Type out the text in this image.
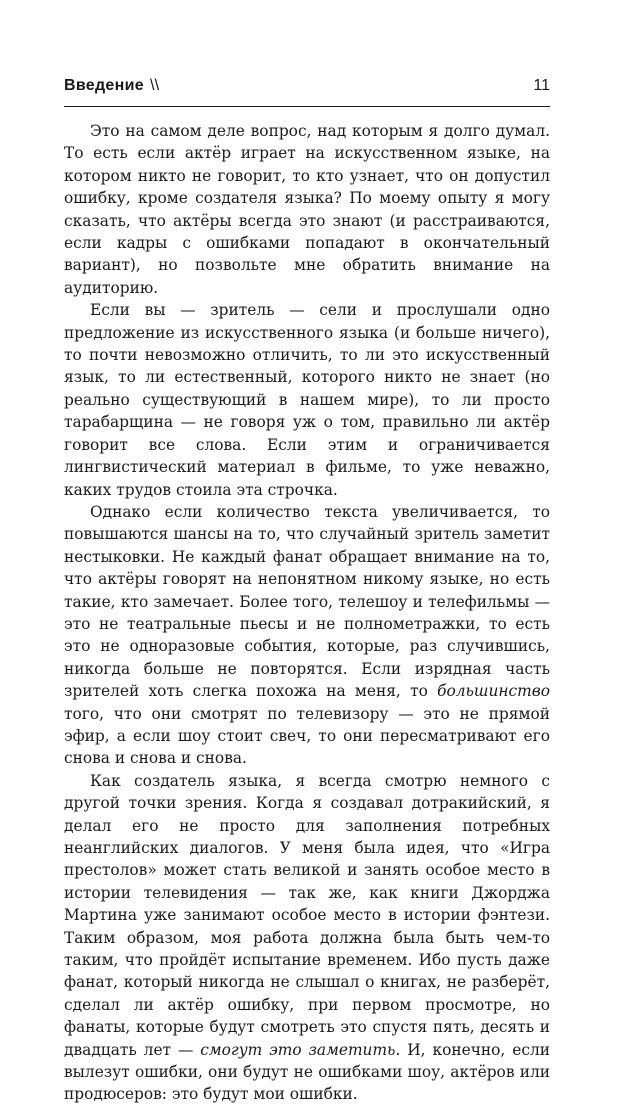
Введение \\	11

Это на самом деле вопрос, над которым я долго думал. То есть если актёр играет на искусственном языке, на котором никто не говорит, то кто узнает, что он допустил ошибку, кроме создателя языка? По моему опыту я могу сказать, что актёры всегда это знают (и расстраиваются, если кадры с ошибками попадают в окончательный вариант), но позвольте мне обратить внимание на аудиторию.

Если вы — зритель — сели и прослушали одно предложение из искусственного языка (и больше ничего), то почти невозможно отличить, то ли это искусственный язык, то ли естественный, которого никто не знает (но реально существующий в нашем мире), то ли просто тарабарщина — не говоря уж о том, правильно ли актёр говорит все слова. Если этим и ограничивается лингвистический материал в фильме, то уже неважно, каких трудов стоила эта строчка.

Однако если количество текста увеличивается, то повышаются шансы на то, что случайный зритель заметит нестыковки. Не каждый фанат обращает внимание на то, что актёры говорят на непонятном никому языке, но есть такие, кто замечает. Более того, телешоу и телефильмы — это не театральные пьесы и не полнометражки, то есть это не одноразовые события, которые, раз случившись, никогда больше не повторятся. Если изрядная часть зрителей хоть слегка похожа на меня, то большинство того, что они смотрят по телевизору — это не прямой эфир, а если шоу стоит свеч, то они пересматривают его снова и снова и снова.

Как создатель языка, я всегда смотрю немного с другой точки зрения. Когда я создавал дотракийский, я делал его не просто для заполнения потребных неанглийских диалогов. У меня была идея, что «Игра престолов» может стать великой и занять особое место в истории телевидения — так же, как книги Джорджа Мартина уже занимают особое место в истории фэнтези. Таким образом, моя работа должна была быть чем-то таким, что пройдёт испытание временем. Ибо пусть даже фанат, который никогда не слышал о книгах, не разберёт, сделал ли актёр ошибку, при первом просмотре, но фанаты, которые будут смотреть это спустя пять, десять и двадцать лет — смогут это заметить. И, конечно, если вылезут ошибки, они будут не ошибками шоу, актёров или продюсеров: это будут мои ошибки.
